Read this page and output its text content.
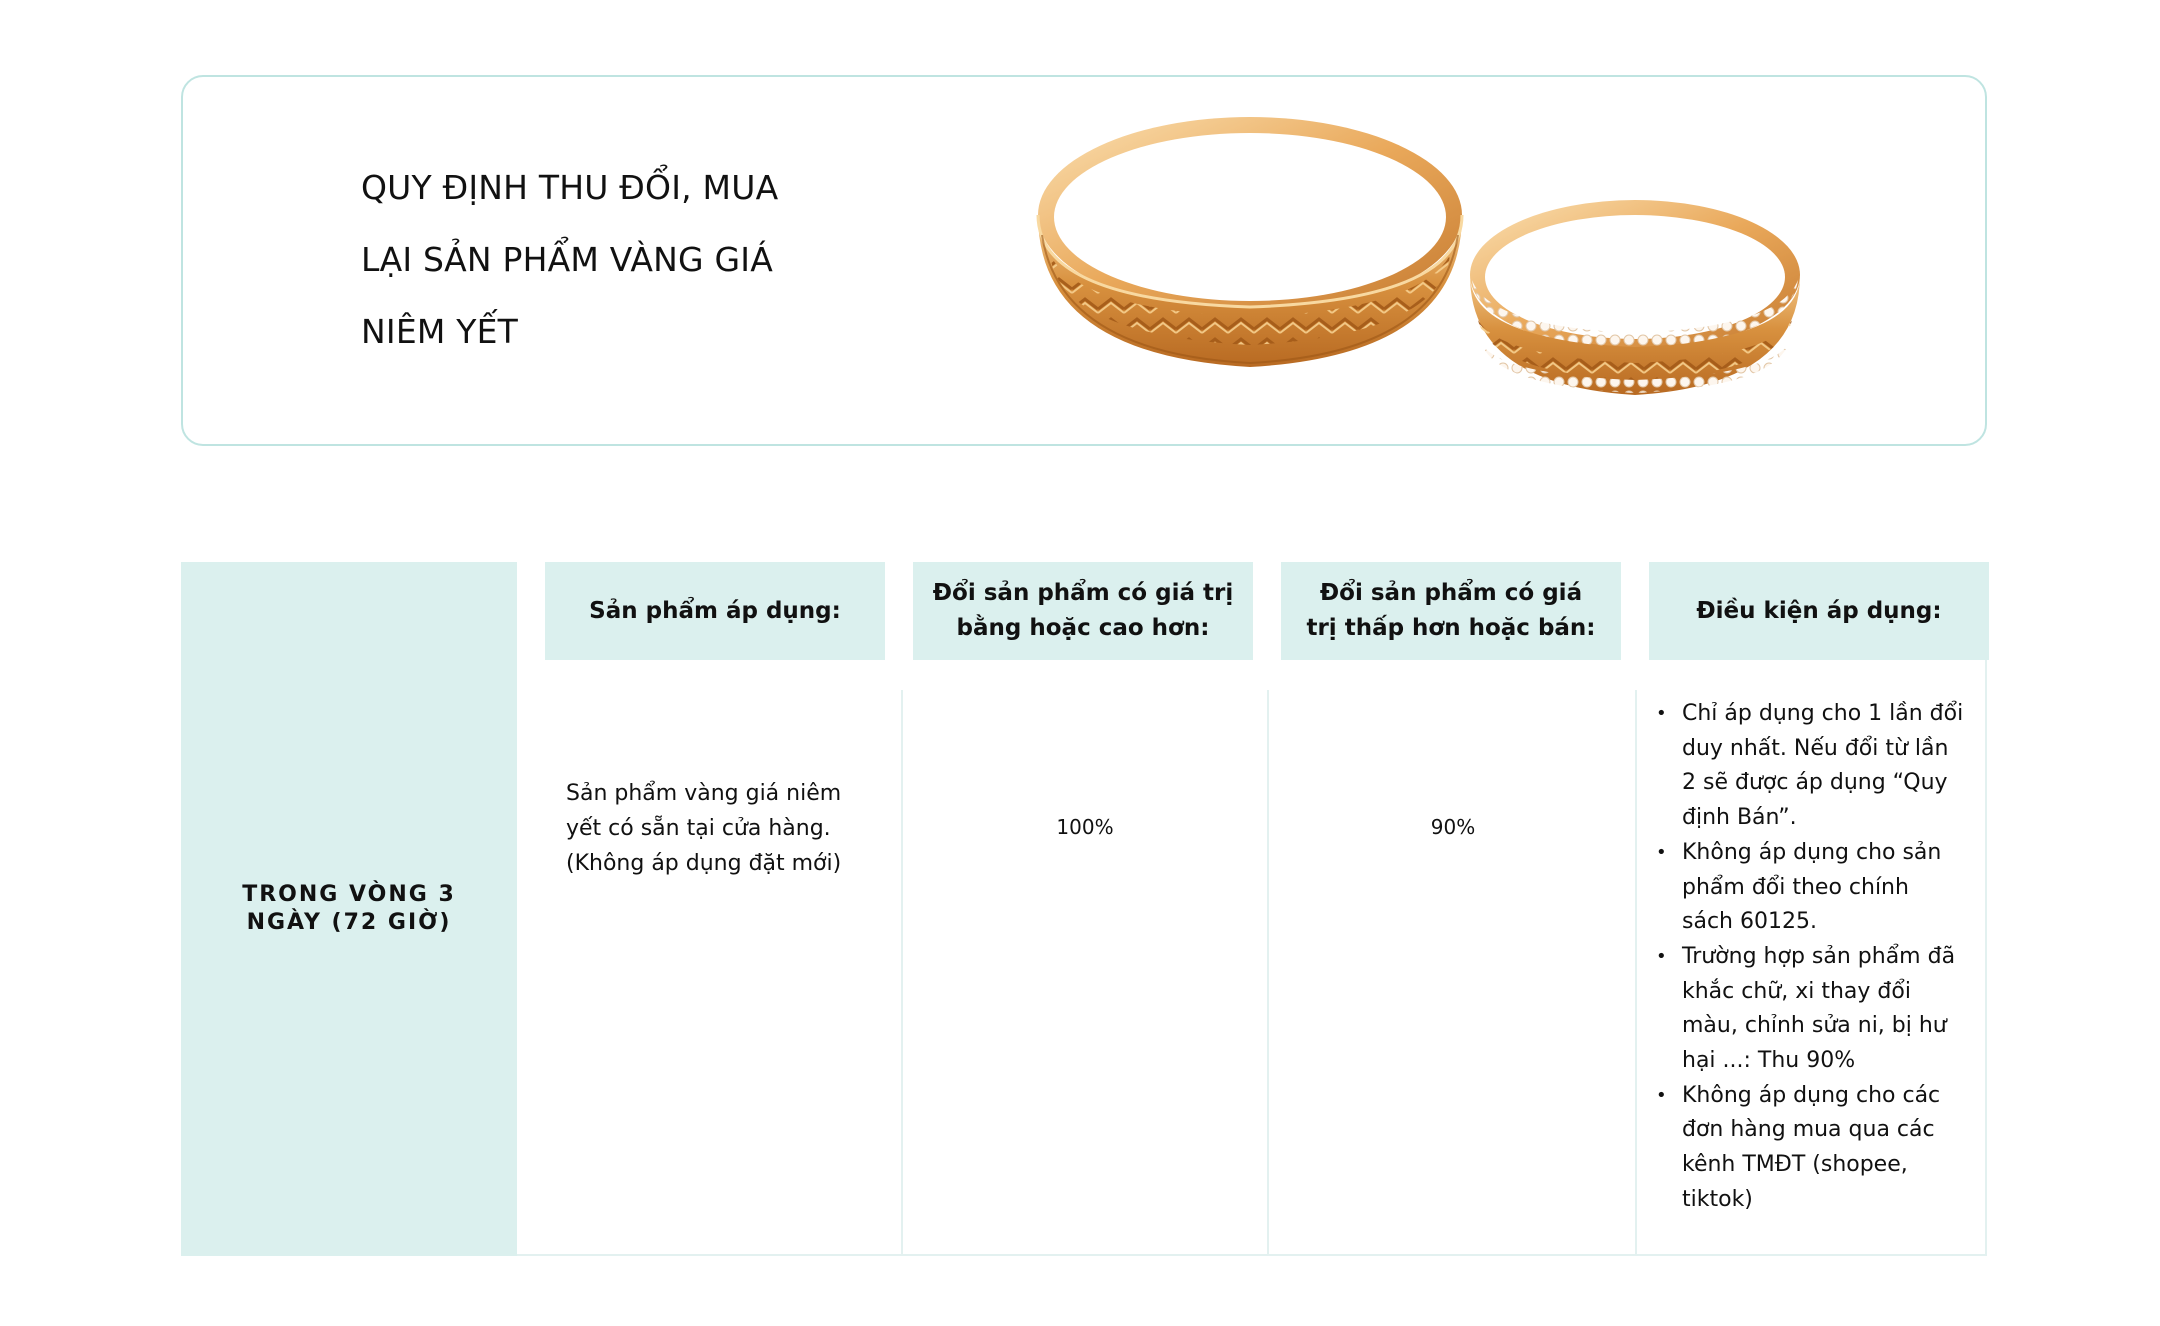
QUY ĐỊNH THU ĐỔI, MUA
LẠI SẢN PHẨM VÀNG GIÁ
NIÊM YẾT
TRONG VÒNG 3
NGÀY (72 GIỜ)
Sản phẩm áp dụng:
Đổi sản phẩm có giá trị
bằng hoặc cao hơn:
Đổi sản phẩm có giá
trị thấp hơn hoặc bán:
Điều kiện áp dụng:
Sản phẩm vàng giá niêm
yết có sẵn tại cửa hàng.
(Không áp dụng đặt mới)
100%	90%
• Chỉ áp dụng cho 1 lần đổi
duy nhất. Nếu đổi từ lần
2 sẽ được áp dụng “Quy
định Bán”.
• Không áp dụng cho sản
phẩm đổi theo chính
sách 60125.
• Trường hợp sản phẩm đã
khắc chữ, xi thay đổi
màu, chỉnh sửa ni, bị hư
hại ...: Thu 90%
• Không áp dụng cho các
đơn hàng mua qua các
kênh TMĐT (shopee,
tiktok)
